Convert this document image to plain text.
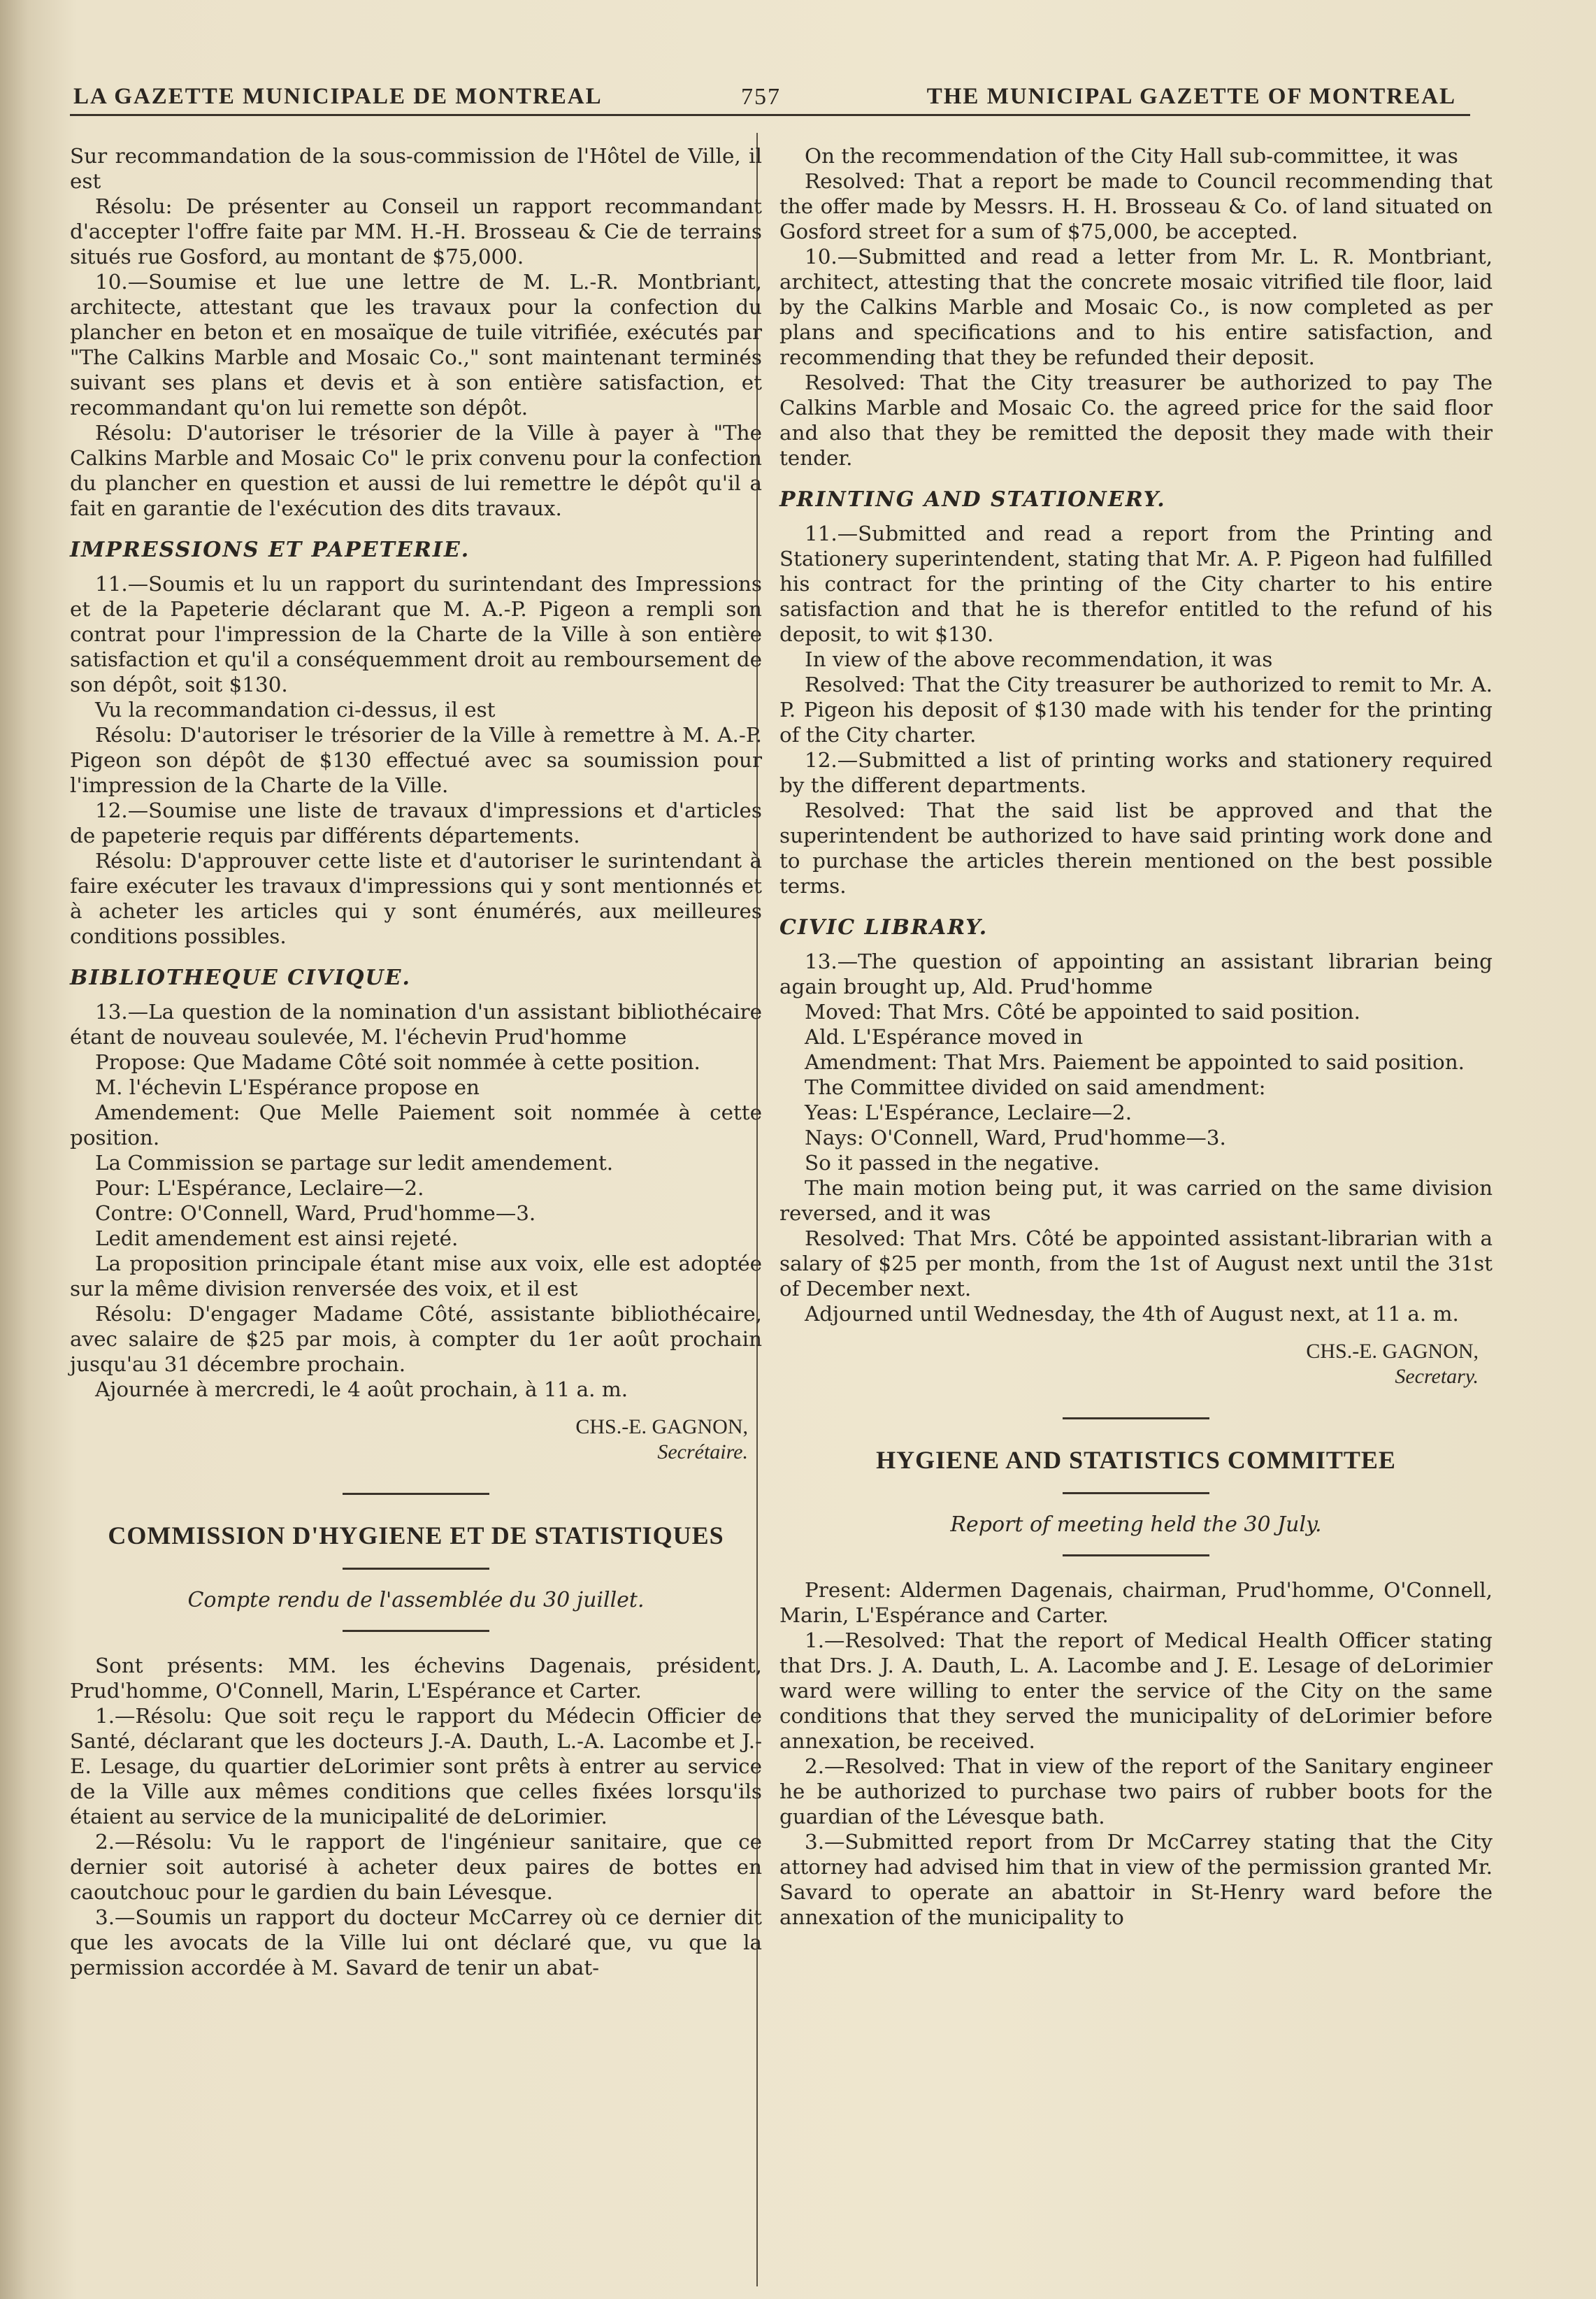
LA GAZETTE MUNICIPALE DE MONTREAL	757	THE MUNICIPAL GAZETTE OF MONTREAL

Sur recommandation de la sous-commission de l'Hôtel de Ville, il est

Résolu: De présenter au Conseil un rapport recommandant d'accepter l'offre faite par MM. H.-H. Brosseau & Cie de terrains situés rue Gosford, au montant de $75,000.

10.—Soumise et lue une lettre de M. L.-R. Montbriant, architecte, attestant que les travaux pour la confection du plancher en beton et en mosaïque de tuile vitrifiée, exécutés par "The Calkins Marble and Mosaic Co.," sont maintenant terminés suivant ses plans et devis et à son entière satisfaction, et recommandant qu'on lui remette son dépôt.

Résolu: D'autoriser le trésorier de la Ville à payer à "The Calkins Marble and Mosaic Co" le prix convenu pour la confection du plancher en question et aussi de lui remettre le dépôt qu'il a fait en garantie de l'exécution des dits travaux.

IMPRESSIONS ET PAPETERIE.

11.—Soumis et lu un rapport du surintendant des Impressions et de la Papeterie déclarant que M. A.-P. Pigeon a rempli son contrat pour l'impression de la Charte de la Ville à son entière satisfaction et qu'il a conséquemment droit au remboursement de son dépôt, soit $130.

Vu la recommandation ci-dessus, il est

Résolu: D'autoriser le trésorier de la Ville à remettre à M. A.-P. Pigeon son dépôt de $130 effectué avec sa soumission pour l'impression de la Charte de la Ville.

12.—Soumise une liste de travaux d'impressions et d'articles de papeterie requis par différents départements.

Résolu: D'approuver cette liste et d'autoriser le surintendant à faire exécuter les travaux d'impressions qui y sont mentionnés et à acheter les articles qui y sont énumérés, aux meilleures conditions possibles.

BIBLIOTHEQUE CIVIQUE.

13.—La question de la nomination d'un assistant bibliothécaire étant de nouveau soulevée, M. l'échevin Prud'homme

Propose: Que Madame Côté soit nommée à cette position.

M. l'échevin L'Espérance propose en

Amendement: Que Melle Paiement soit nommée à cette position.

La Commission se partage sur ledit amendement.

Pour: L'Espérance, Leclaire—2.

Contre: O'Connell, Ward, Prud'homme—3.

Ledit amendement est ainsi rejeté.

La proposition principale étant mise aux voix, elle est adoptée sur la même division renversée des voix, et il est

Résolu: D'engager Madame Côté, assistante bibliothécaire, avec salaire de $25 par mois, à compter du 1er août prochain jusqu'au 31 décembre prochain.

Ajournée à mercredi, le 4 août prochain, à 11 a. m.

CHS.-E. GAGNON,
Secrétaire.
COMMISSION D'HYGIENE ET DE STATISTIQUES
Compte rendu de l'assemblée du 30 juillet.

Sont présents: MM. les échevins Dagenais, président, Prud'homme, O'Connell, Marin, L'Espérance et Carter.

1.—Résolu: Que soit reçu le rapport du Médecin Officier de Santé, déclarant que les docteurs J.-A. Dauth, L.-A. Lacombe et J.-E. Lesage, du quartier deLorimier sont prêts à entrer au service de la Ville aux mêmes conditions que celles fixées lorsqu'ils étaient au service de la municipalité de deLorimier.

2.—Résolu: Vu le rapport de l'ingénieur sanitaire, que ce dernier soit autorisé à acheter deux paires de bottes en caoutchouc pour le gardien du bain Lévesque.

3.—Soumis un rapport du docteur McCarrey où ce dernier dit que les avocats de la Ville lui ont déclaré que, vu que la permission accordée à M. Savard de tenir un abat-

On the recommendation of the City Hall sub-committee, it was

Resolved: That a report be made to Council recommending that the offer made by Messrs. H. H. Brosseau & Co. of land situated on Gosford street for a sum of $75,000, be accepted.

10.—Submitted and read a letter from Mr. L. R. Montbriant, architect, attesting that the concrete mosaic vitrified tile floor, laid by the Calkins Marble and Mosaic Co., is now completed as per plans and specifications and to his entire satisfaction, and recommending that they be refunded their deposit.

Resolved: That the City treasurer be authorized to pay The Calkins Marble and Mosaic Co. the agreed price for the said floor and also that they be remitted the deposit they made with their tender.

PRINTING AND STATIONERY.

11.—Submitted and read a report from the Printing and Stationery superintendent, stating that Mr. A. P. Pigeon had fulfilled his contract for the printing of the City charter to his entire satisfaction and that he is therefor entitled to the refund of his deposit, to wit $130.

In view of the above recommendation, it was

Resolved: That the City treasurer be authorized to remit to Mr. A. P. Pigeon his deposit of $130 made with his tender for the printing of the City charter.

12.—Submitted a list of printing works and stationery required by the different departments.

Resolved: That the said list be approved and that the superintendent be authorized to have said printing work done and to purchase the articles therein mentioned on the best possible terms.

CIVIC LIBRARY.

13.—The question of appointing an assistant librarian being again brought up, Ald. Prud'homme

Moved: That Mrs. Côté be appointed to said position.

Ald. L'Espérance moved in

Amendment: That Mrs. Paiement be appointed to said position.

The Committee divided on said amendment:

Yeas: L'Espérance, Leclaire—2.

Nays: O'Connell, Ward, Prud'homme—3.

So it passed in the negative.

The main motion being put, it was carried on the same division reversed, and it was

Resolved: That Mrs. Côté be appointed assistant-librarian with a salary of $25 per month, from the 1st of August next until the 31st of December next.

Adjourned until Wednesday, the 4th of August next, at 11 a. m.

CHS.-E. GAGNON,
Secretary.
HYGIENE AND STATISTICS COMMITTEE
Report of meeting held the 30 July.

Present: Aldermen Dagenais, chairman, Prud'homme, O'Connell, Marin, L'Espérance and Carter.

1.—Resolved: That the report of Medical Health Officer stating that Drs. J. A. Dauth, L. A. Lacombe and J. E. Lesage of deLorimier ward were willing to enter the service of the City on the same conditions that they served the municipality of deLorimier before annexation, be received.

2.—Resolved: That in view of the report of the Sanitary engineer he be authorized to purchase two pairs of rubber boots for the guardian of the Lévesque bath.

3.—Submitted report from Dr McCarrey stating that the City attorney had advised him that in view of the permission granted Mr. Savard to operate an abattoir in St-Henry ward before the annexation of the municipality to
